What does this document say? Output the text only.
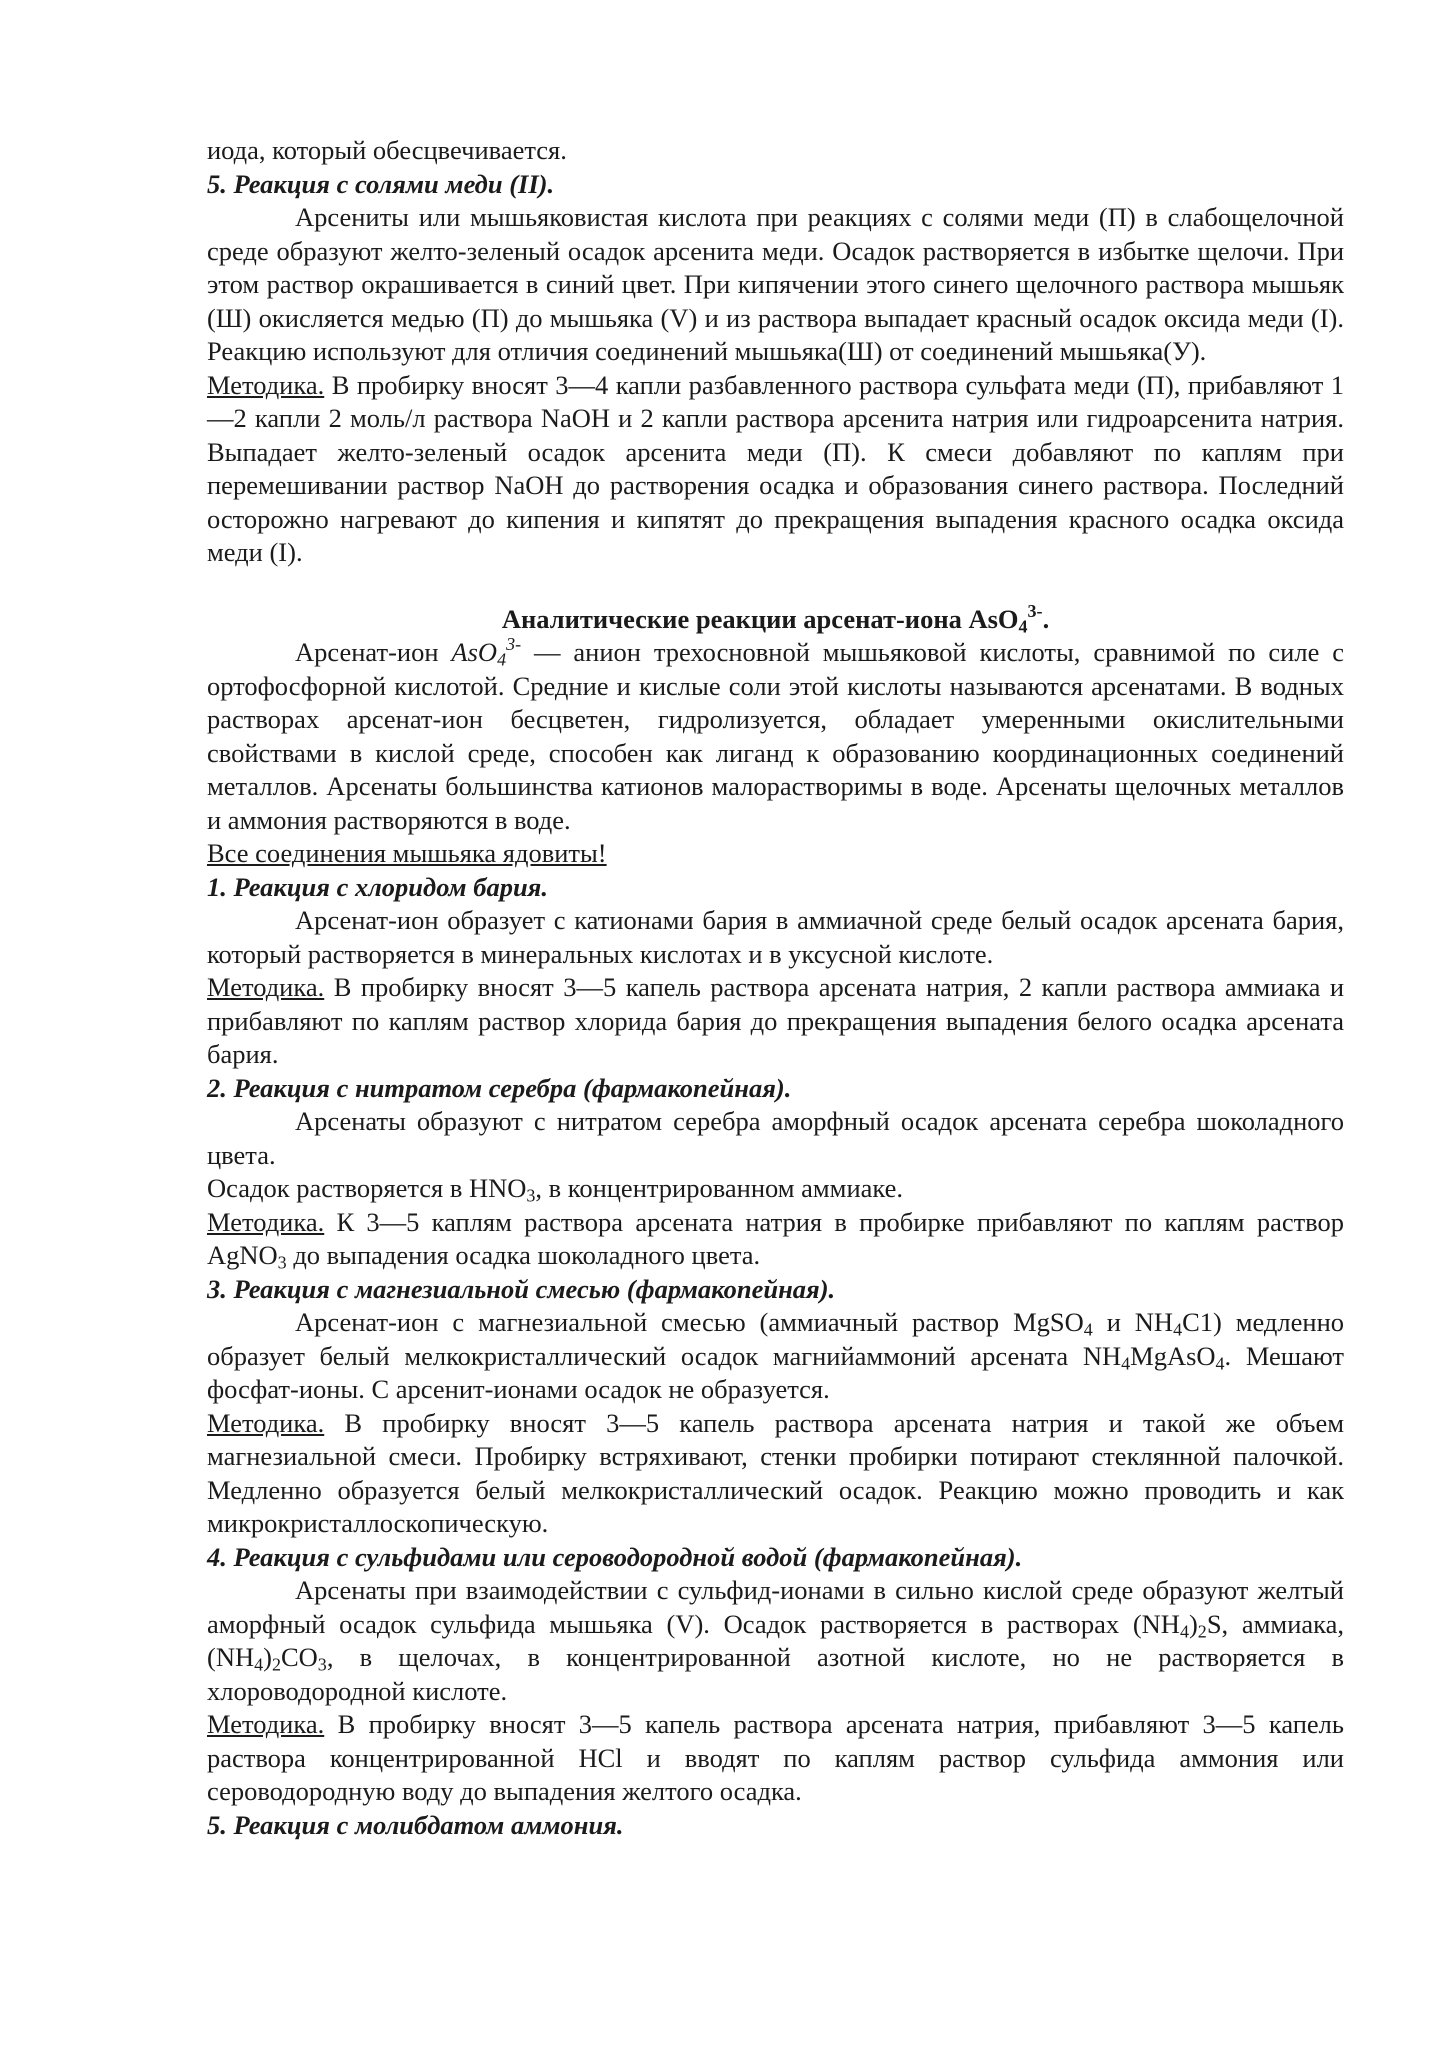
иода, который обесцвечивается.

5. Реакция с солями меди (II).

Арсениты или мышьяковистая кислота при реакциях с солями меди (П) в слабощелочной среде образуют желто-зеленый осадок арсенита меди. Осадок растворяется в избытке щелочи. При этом раствор окрашивается в синий цвет. При кипячении этого синего щелочного раствора мышьяк (Ш) окисляется медью (П) до мышьяка (V) и из раствора выпадает красный осадок оксида меди (I). Реакцию используют для отличия соединений мышьяка(Ш) от соединений мышьяка(У).

Методика. В пробирку вносят 3—4 капли разбавленного раствора сульфата меди (П), прибавляют 1—2 капли 2 моль/л раствора NaOH и 2 капли раствора арсенита натрия или гидроарсенита натрия. Выпадает желто-зеленый осадок арсенита меди (П). К смеси добавляют по каплям при перемешивании раствор NaOH до растворения осадка и образования синего раствора. Последний осторожно нагревают до кипения и кипятят до прекращения выпадения красного осадка оксида меди (I).

Аналитические реакции арсенат-иона AsO$_4^{3-}$.

Арсенат-ион AsO$_4^{3-}$ — анион трехосновной мышьяковой кислоты, сравнимой по силе с ортофосфорной кислотой. Средние и кислые соли этой кислоты называются арсенатами. В водных растворах арсенат-ион бесцветен, гидролизуется, обладает умеренными окислительными свойствами в кислой среде, способен как лиганд к образованию координационных соединений металлов. Арсенаты большинства катионов малорастворимы в воде. Арсенаты щелочных металлов и аммония растворяются в воде.

Все соединения мышьяка ядовиты!

1. Реакция с хлоридом бария.

Арсенат-ион образует с катионами бария в аммиачной среде белый осадок арсената бария, который растворяется в минеральных кислотах и в уксусной кислоте.

Методика. В пробирку вносят 3—5 капель раствора арсената натрия, 2 капли раствора аммиака и прибавляют по каплям раствор хлорида бария до прекращения выпадения белого осадка арсената бария.

2. Реакция с нитратом серебра (фармакопейная).

Арсенаты образуют с нитратом серебра аморфный осадок арсената серебра шоколадного цвета.

Осадок растворяется в $HNO_3$, в концентрированном аммиаке.

Методика. К 3—5 каплям раствора арсената натрия в пробирке прибавляют по каплям раствор AgNO$_3$ до выпадения осадка шоколадного цвета.

3. Реакция с магнезиальной смесью (фармакопейная).

Арсенат-ион с магнезиальной смесью (аммиачный раствор MgSO$_4$ и $NH_4C1$) медленно образует белый мелкокристаллический осадок магнийаммоний арсената $NH_4MgAsO_4$. Мешают фосфат-ионы. С арсенит-ионами осадок не образуется.

Методика. В пробирку вносят 3—5 капель раствора арсената натрия и такой же объем магнезиальной смеси. Пробирку встряхивают, стенки пробирки потирают стеклянной палочкой. Медленно образуется белый мелкокристаллический осадок. Реакцию можно проводить и как микрокристаллоскопическую.

4. Реакция с сульфидами или сероводородной водой (фармакопейная).

Арсенаты при взаимодействии с сульфид-ионами в сильно кислой среде образуют желтый аморфный осадок сульфида мышьяка (V). Осадок растворяется в растворах $(NH_4)_2S$, аммиака, $(NH_4)_2CO_3$, в щелочах, в концентрированной азотной кислоте, но не растворяется в хлороводородной кислоте.

Методика. В пробирку вносят 3—5 капель раствора арсената натрия, прибавляют 3—5 капель раствора концентрированной HCl и вводят по каплям раствор сульфида аммония или сероводородную воду до выпадения желтого осадка.

5. Реакция с молибдатом аммония.
